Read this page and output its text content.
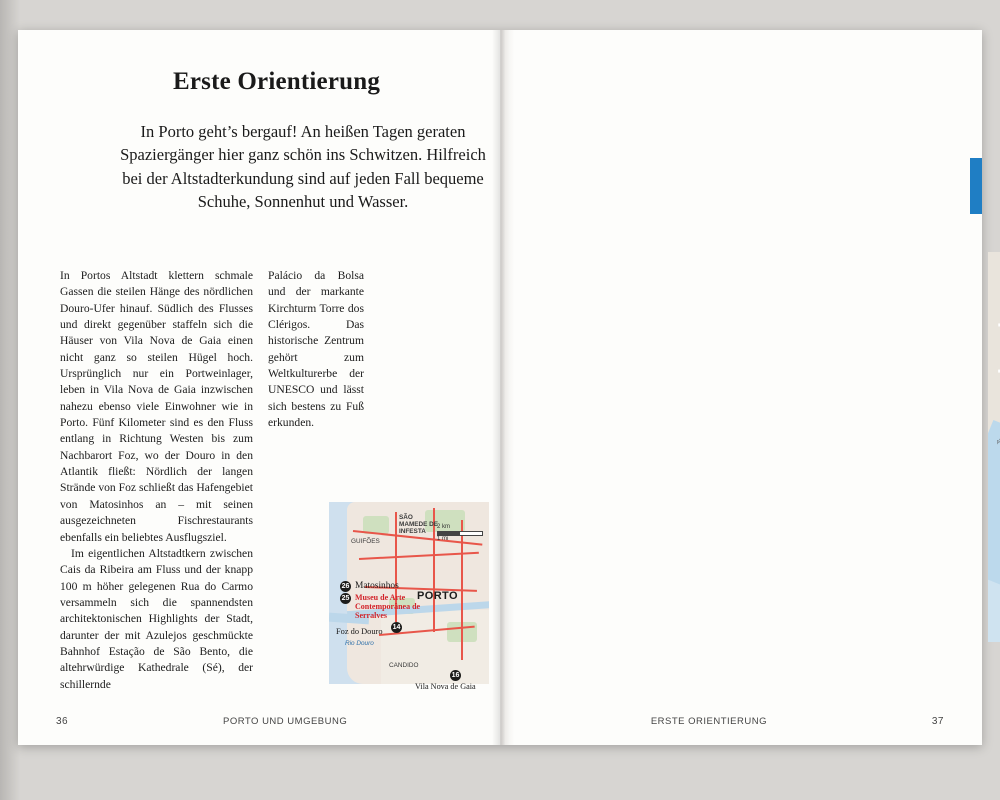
Erste Orientierung
In Porto geht’s bergauf! An heißen Tagen geraten Spaziergänger hier ganz schön ins Schwitzen. Hilfreich bei der Altstadterkundung sind auf jeden Fall bequeme Schuhe, Sonnenhut und Wasser.

In Portos Altstadt klettern schmale Gassen die steilen Hänge des nördlichen Douro-Ufer hinauf. Südlich des Flusses und direkt gegenüber staffeln sich die Häuser von Vila Nova de Gaia einen nicht ganz so steilen Hügel hoch. Ursprünglich nur ein Portweinlager, leben in Vila Nova de Gaia inzwischen nahezu ebenso viele Einwohner wie in Porto. Fünf Kilometer sind es den Fluss entlang in Richtung Westen bis zum Nachbarort Foz, wo der Douro in den Atlantik fließt: Nördlich der langen Strände von Foz schließt das Hafengebiet von Matosinhos an – mit seinen ausgezeichneten Fischrestaurants ebenfalls ein beliebtes Ausflugsziel.

Im eigentlichen Altstadtkern zwischen Cais da Ribeira am Fluss und der knapp 100 m höher gelegenen Rua do Carmo versammeln sich die spannendsten architektonischen Highlights der Stadt, darunter der mit Azulejos geschmückte Bahnhof Estação de São Bento, die altehrwürdige Kathedrale (Sé), der schillernde

Palácio da Bolsa und der markante Kirchturm Torre dos Clérigos. Das historische Zentrum gehört zum Weltkulturerbe der UNESCO und lässt sich bestens zu Fuß erkunden.

PORTO
GUIFÕES
SÃO MAMEDE DE INFESTA
CANDIDO
Rio Douro
2 km
1 mi
26 Matosinhos
25 Museu de Arte Contemporânea de Serralves
Foz do Douro 14
16
Vila Nova de Gaia
36	PORTO UND UMGEBUNG	ERSTE ORIENTIERUNG	37
